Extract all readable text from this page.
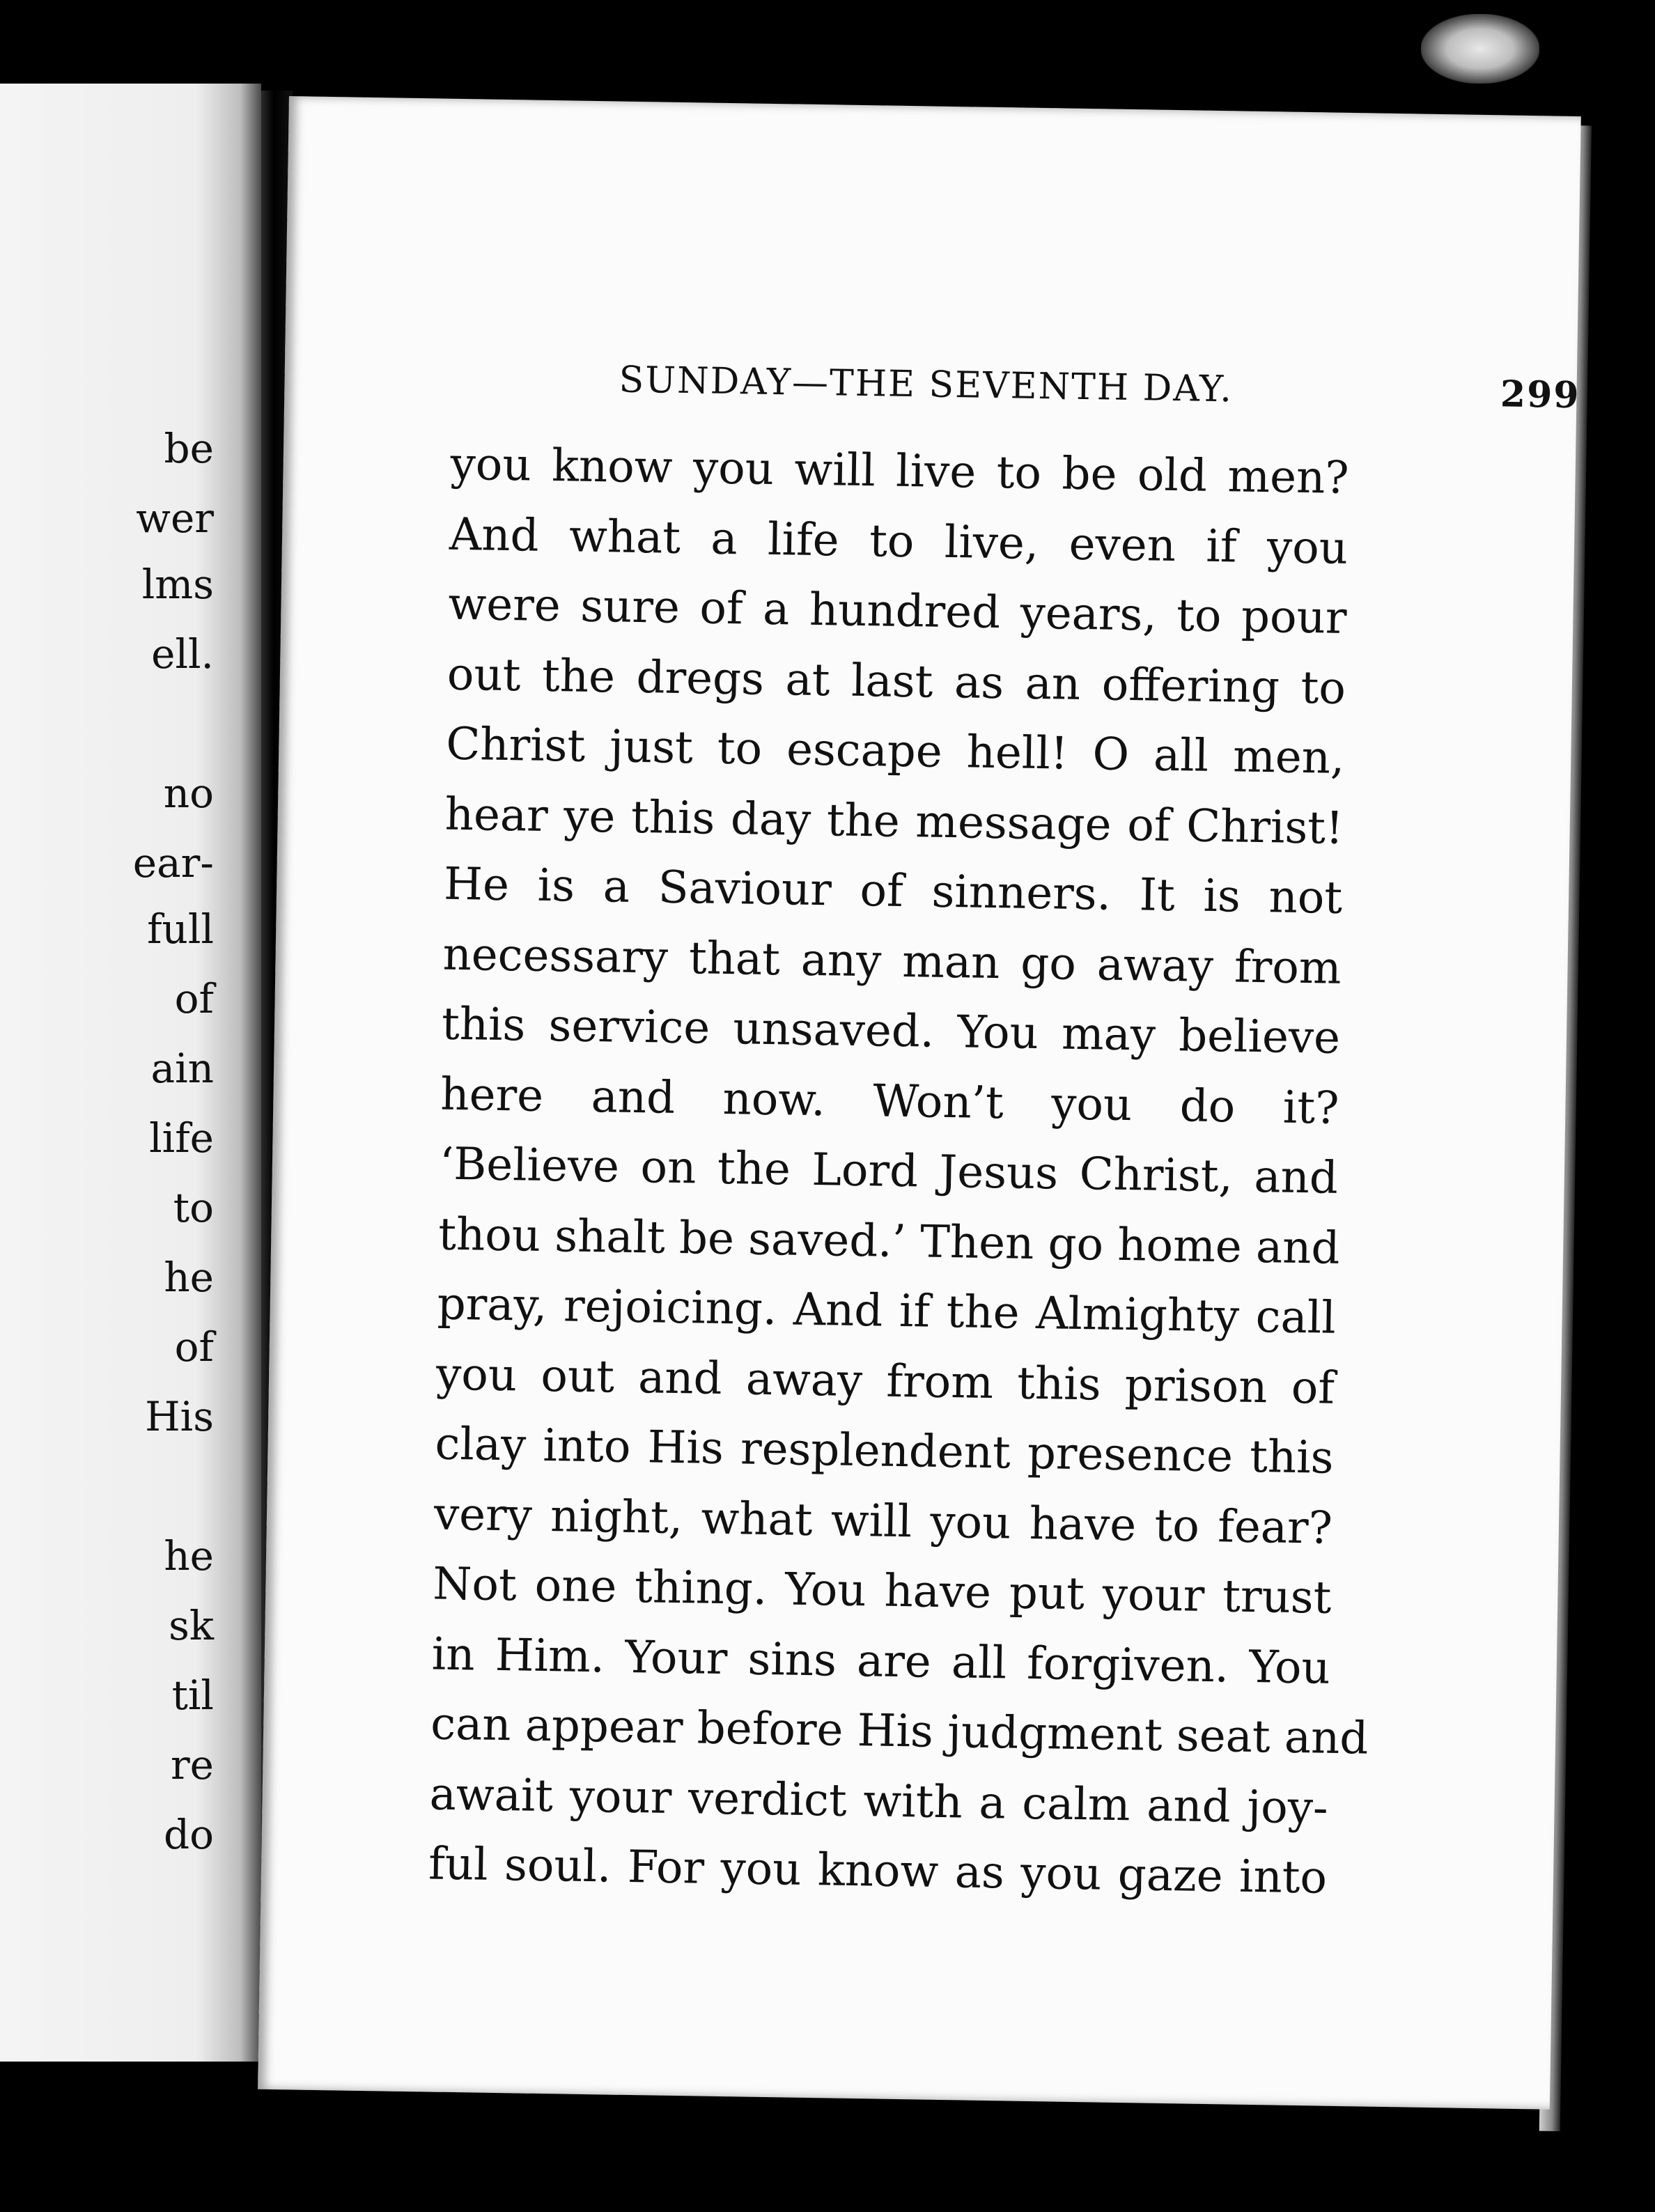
be
wer
lms
ell.
no
ear-
full
of
ain
life
to
he
of
His
he
sk
til
re
do
SUNDAY—THE SEVENTH DAY.	299
you know you will live to be old men?
And what a life to live, even if you
were sure of a hundred years, to pour
out the dregs at last as an offering to
Christ just to escape hell! O all men,
hear ye this day the message of Christ!
He is a Saviour of sinners. It is not
necessary that any man go away from
this service unsaved. You may believe
here and now. Won’t you do it?
‘Believe on the Lord Jesus Christ, and
thou shalt be saved.’ Then go home and
pray, rejoicing. And if the Almighty call
you out and away from this prison of
clay into His resplendent presence this
very night, what will you have to fear?
Not one thing. You have put your trust
in Him. Your sins are all forgiven. You
can appear before His judgment seat and
await your verdict with a calm and joy-
ful soul. For you know as you gaze into
